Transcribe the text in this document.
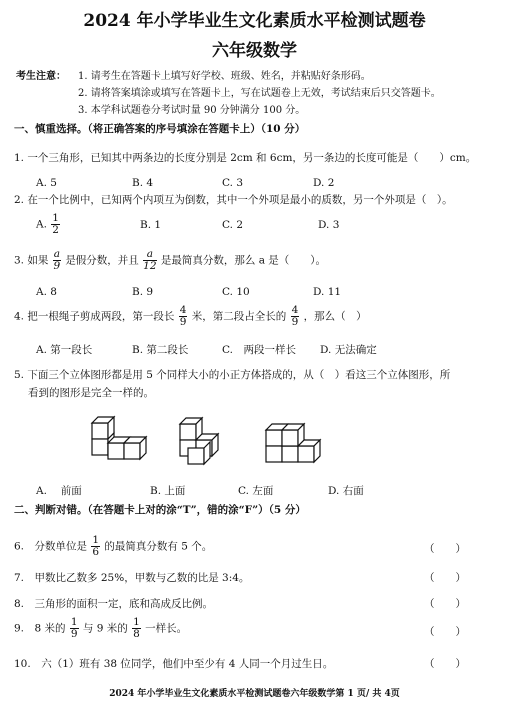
2024 年小学毕业生文化素质水平检测试题卷
六年级数学
考生注意： 1. 请考生在答题卡上填写好学校、班级、姓名，并粘贴好条形码。
2. 请将答案填涂或填写在答题卡上，写在试题卷上无效，考试结束后只交答题卡。
3. 本学科试题卷分考试时量 90 分钟满分 100 分。
一、慎重选择。（将正确答案的序号填涂在答题卡上）（10 分）
1. 一个三角形，已知其中两条边的长度分别是 2cm 和 6cm，另一条边的长度可能是（　　）cm。
A. 5	B. 4	C. 3	D. 2
2. 在一个比例中，已知两个内项互为倒数，其中一个外项是最小的质数，另一个外项是（　）。
A. $\frac{1}{2}$	B. 1	C. 2	D. 3
3. 如果 $\frac{a}{9}$ 是假分数，并且 $\frac{a}{12}$ 是最简真分数，那么 a 是（　　）。
A. 8	B. 9	C. 10	D. 11
4. 把一根绳子剪成两段，第一段长 $\frac{4}{9}$ 米，第二段占全长的 $\frac{4}{9}$ ，那么（　）
A. 第一段长	B. 第二段长	C.　两段一样长 D. 无法确定
5. 下面三个立体图形都是用 5 个同样大小的小正方体搭成的，从（　）看这三个立体图形，所
看到的图形是完全一样的。
A.　 前面	B. 上面	C. 左面	D. 右面
二、判断对错。（在答题卡上对的涂“T”，错的涂“F”）（5 分）
6.　分数单位是 $\frac{1}{6}$ 的最简真分数有 5 个。	（　　）
7.　甲数比乙数多 25%，甲数与乙数的比是 3:4。	（　　）
8.　三角形的面积一定，底和高成反比例。	（　　）
9.　8 米的 $\frac{1}{9}$ 与 9 米的 $\frac{1}{8}$ 一样长。	（　　）
10.　六（1）班有 38 位同学，他们中至少有 4 人同一个月过生日。	（　　）
2024 年小学毕业生文化素质水平检测试题卷六年级数学第 1 页/ 共 4页
